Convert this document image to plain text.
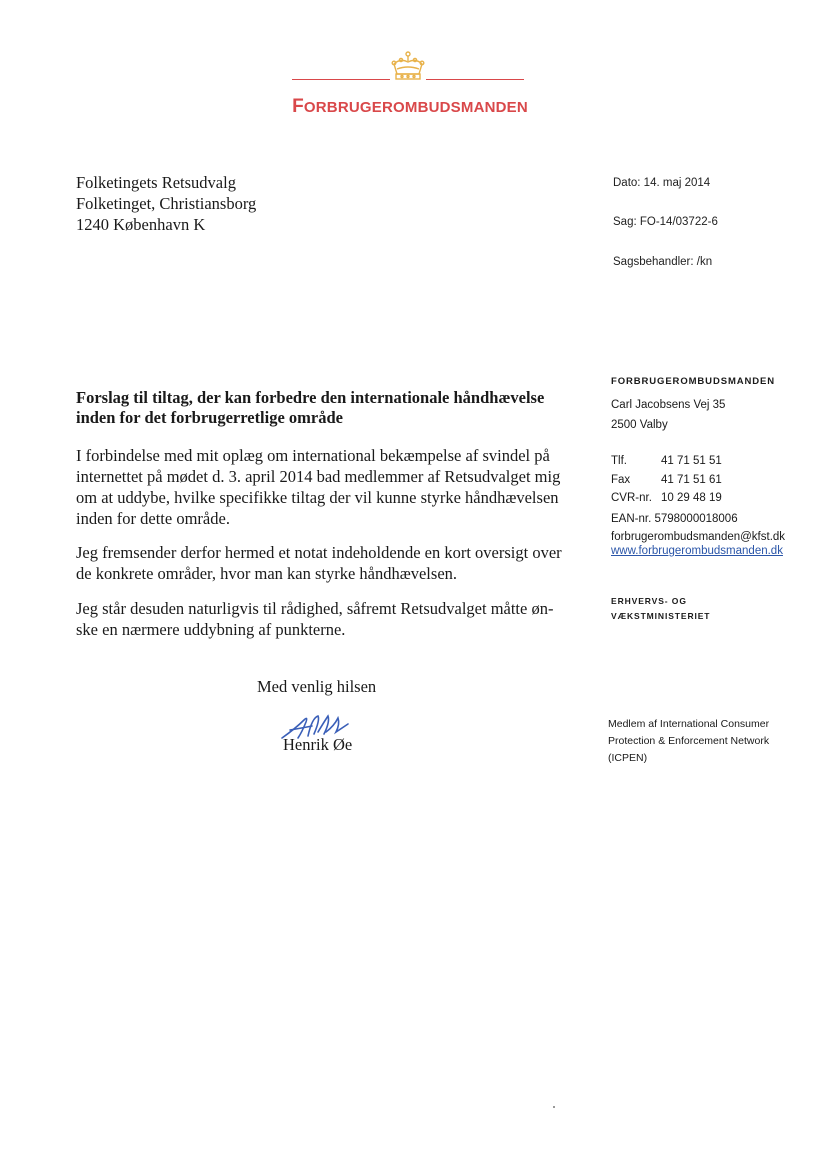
FORBRUGEROMBUDSMANDEN
Folketingets Retsudvalg
Folketinget, Christiansborg
1240 København K
Dato: 14. maj 2014
Sag: FO-14/03722-6
Sagsbehandler: /kn
Forslag til tiltag, der kan forbedre den internationale håndhævelse
inden for det forbrugerretlige område
I forbindelse med mit oplæg om international bekæmpelse af svindel på
internettet på mødet d. 3. april 2014 bad medlemmer af Retsudvalget mig
om at uddybe, hvilke specifikke tiltag der vil kunne styrke håndhævelsen
inden for dette område.
Jeg fremsender derfor hermed et notat indeholdende en kort oversigt over
de konkrete områder, hvor man kan styrke håndhævelsen.
Jeg står desuden naturligvis til rådighed, såfremt Retsudvalget måtte øn-
ske en nærmere uddybning af punkterne.
Med venlig hilsen
Henrik Øe
FORBRUGEROMBUDSMANDEN
Carl Jacobsens Vej 35
2500 Valby
Tlf.	41 71 51 51
Fax	41 71 51 61
CVR-nr. 10 29 48 19
EAN-nr. 5798000018006
forbrugerombudsmanden@kfst.dk
www.forbrugerombudsmanden.dk
ERHVERVS- OG
VÆKSTMINISTERIET
Medlem af International Consumer
Protection & Enforcement Network
(ICPEN)
